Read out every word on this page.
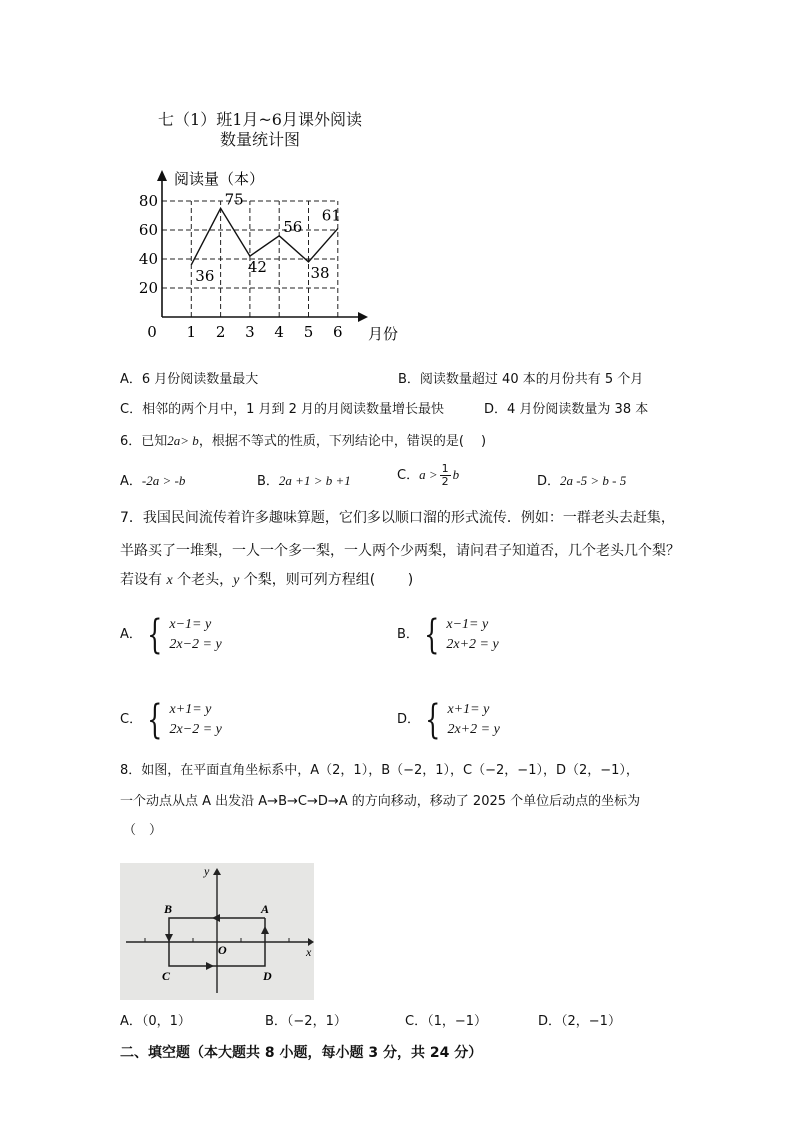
七（1）班1月~6月课外阅读
数量统计图
20
40
60
80
1 2 3 4 5 6
0
阅读量（本）
月份
36
75
42
56
38
61
A．6 月份阅读数量最大	B．阅读数量超过 40 本的月份共有 5 个月
C．相邻的两个月中，1 月到 2 月的月阅读数量增长最快	D．4 月份阅读数量为 38 本
6．已知2a> b，根据不等式的性质，下列结论中，错误的是(　 )
A．-2a > -b	B．2a +1 > b +1	C．$a > \frac{1}{2}$ b	D．2a -5 > b - 5
7．我国民间流传着许多趣味算题，它们多以顺口溜的形式流传．例如：一群老头去赶集，
半路买了一堆梨，一人一个多一梨，一人两个少两梨，请问君子知道否，几个老头几个梨？
若设有 x 个老头，y 个梨，则可列方程组(　　 )
A． { x−1= y
2x−2 = y
B． { x−1= y
2x+2 = y
C． { x+1= y
2x−2 = y
D． { x+1= y
2x+2 = y
8．如图，在平面直角坐标系中，A（2，1），B（−2，1），C（−2，−1），D（2，−1），
一个动点从点 A 出发沿 A→B→C→D→A 的方向移动，移动了 2025 个单位后动点的坐标为
（　）
y
x
O
A
B
C	D
A．（0，1）	B．（−2，1）	C．（1，−1）	D．（2，−1）
二、填空题（本大题共 8 小题，每小题 3 分，共 24 分）
